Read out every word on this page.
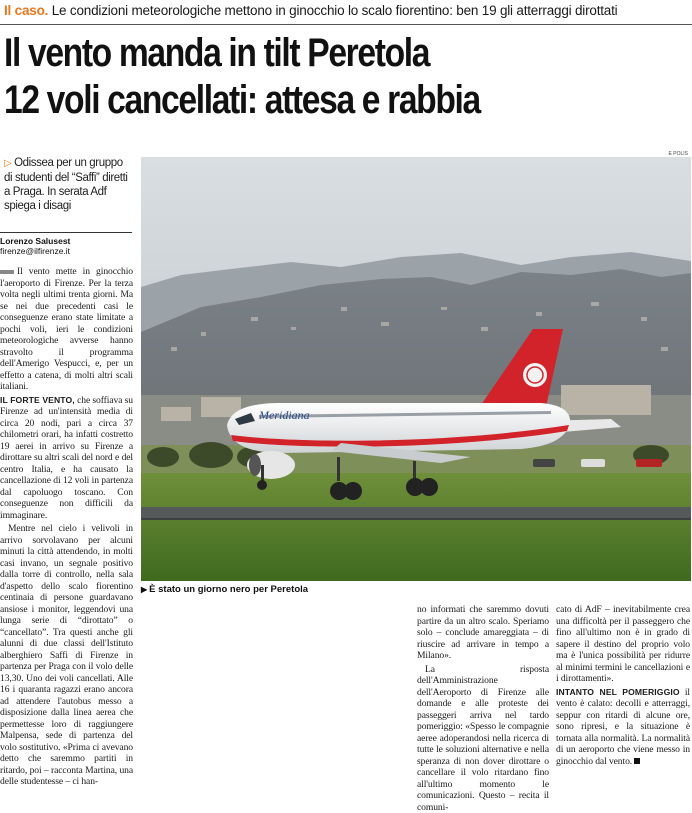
Il caso. Le condizioni meteorologiche mettono in ginocchio lo scalo fiorentino: ben 19 gli atterraggi dirottati
Il vento manda in tilt Peretola
12 voli cancellati: attesa e rabbia
▷ Odissea per un gruppo di studenti del “Saffi” diretti a Praga. In serata Adf spiega i disagi
Lorenzo Salusest
firenze@ilfirenze.it

Il vento mette in ginocchio l'aeroporto di Firenze. Per la terza volta negli ultimi trenta giorni. Ma se nei due precedenti casi le conseguenze erano state limitate a pochi voli, ieri le condizioni meteorologiche avverse hanno stravolto il programma dell'Amerigo Vespucci, e, per un effetto a catena, di molti altri scali italiani.

IL FORTE VENTO, che soffiava su Firenze ad un'intensità media di circa 20 nodi, pari a circa 37 chilometri orari, ha infatti costretto 19 aerei in arrivo su Firenze a dirottare su altri scali del nord e del centro Italia, e ha causato la cancellazione di 12 voli in partenza dal capoluogo toscano. Con conseguenze non difficili da immaginare.

Mentre nel cielo i velivoli in arrivo sorvolavano per alcuni minuti la città attendendo, in molti casi invano, un segnale positivo dalla torre di controllo, nella sala d'aspetto dello scalo fiorentino centinaia di persone guardavano ansiose i monitor, leggendovi una lunga serie di “dirottato” o “cancellato”. Tra questi anche gli alunni di due classi dell'Istituto alberghiero Saffi di Firenze in partenza per Praga con il volo delle 13,30. Uno dei voli cancellati. Alle 16 i quaranta ragazzi erano ancora ad attendere l'autobus messo a disposizione dalla linea aerea che permettesse loro di raggiungere Malpensa, sede di partenza del volo sostitutivo. «Prima ci avevano detto che saremmo partiti in ritardo, poi – racconta Martina, una delle studentesse – ci han-

E POLIS
Meridiana
▶ È stato un giorno nero per Peretola

no informati che saremmo dovuti partire da un altro scalo. Speriamo solo – conclude amareggiata – di riuscire ad arrivare in tempo a Milano».

La risposta dell'Amministrazione dell'Aeroporto di Firenze alle domande e alle proteste dei passeggeri arriva nel tardo pomeriggio: «Spesso le compagnie aeree adoperandosi nella ricerca di tutte le soluzioni alternative e nella speranza di non dover dirottare o cancellare il volo ritardano fino all'ultimo momento le comunicazioni. Questo – recita il comuni-

cato di AdF – inevitabilmente crea una difficoltà per il passeggero che fino all'ultimo non è in grado di sapere il destino del proprio volo ma è l'unica possibilità per ridurre al minimi termini le cancellazioni e i dirottamenti».

INTANTO NEL POMERIGGIO il vento è calato: decolli e atterraggi, seppur con ritardi di alcune ore, sono ripresi, e la situazione è tornata alla normalità. La normalità di un aeroporto che viene messo in ginocchio dal vento.
